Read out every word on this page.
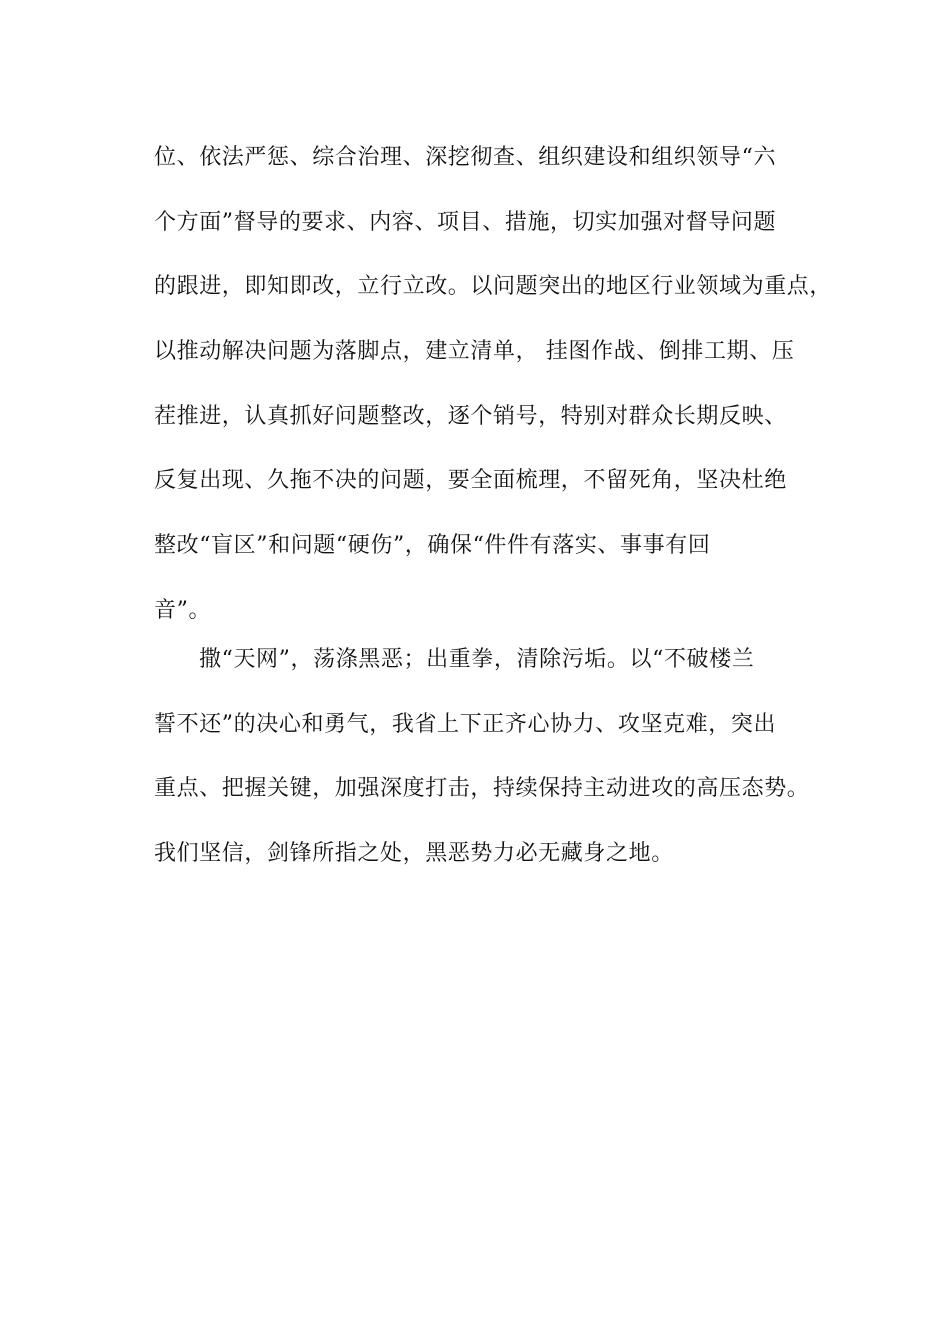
位、依法严惩、综合治理、深挖彻查、组织建设和组织领导“六
个方面”督导的要求、内容、项目、措施，切实加强对督导问题
的跟进，即知即改，立行立改。以问题突出的地区行业领域为重点，
以推动解决问题为落脚点，建立清单， 挂图作战、倒排工期、压
茬推进，认真抓好问题整改，逐个销号，特别对群众长期反映、
反复出现、久拖不决的问题，要全面梳理，不留死角，坚决杜绝
整改“盲区”和问题“硬伤”，确保“件件有落实、事事有回
音”。
撒“天网”，荡涤黑恶；出重拳，清除污垢。以“不破楼兰
誓不还”的决心和勇气，我省上下正齐心协力、攻坚克难，突出
重点、把握关键，加强深度打击，持续保持主动进攻的高压态势。
我们坚信，剑锋所指之处，黑恶势力必无藏身之地。
